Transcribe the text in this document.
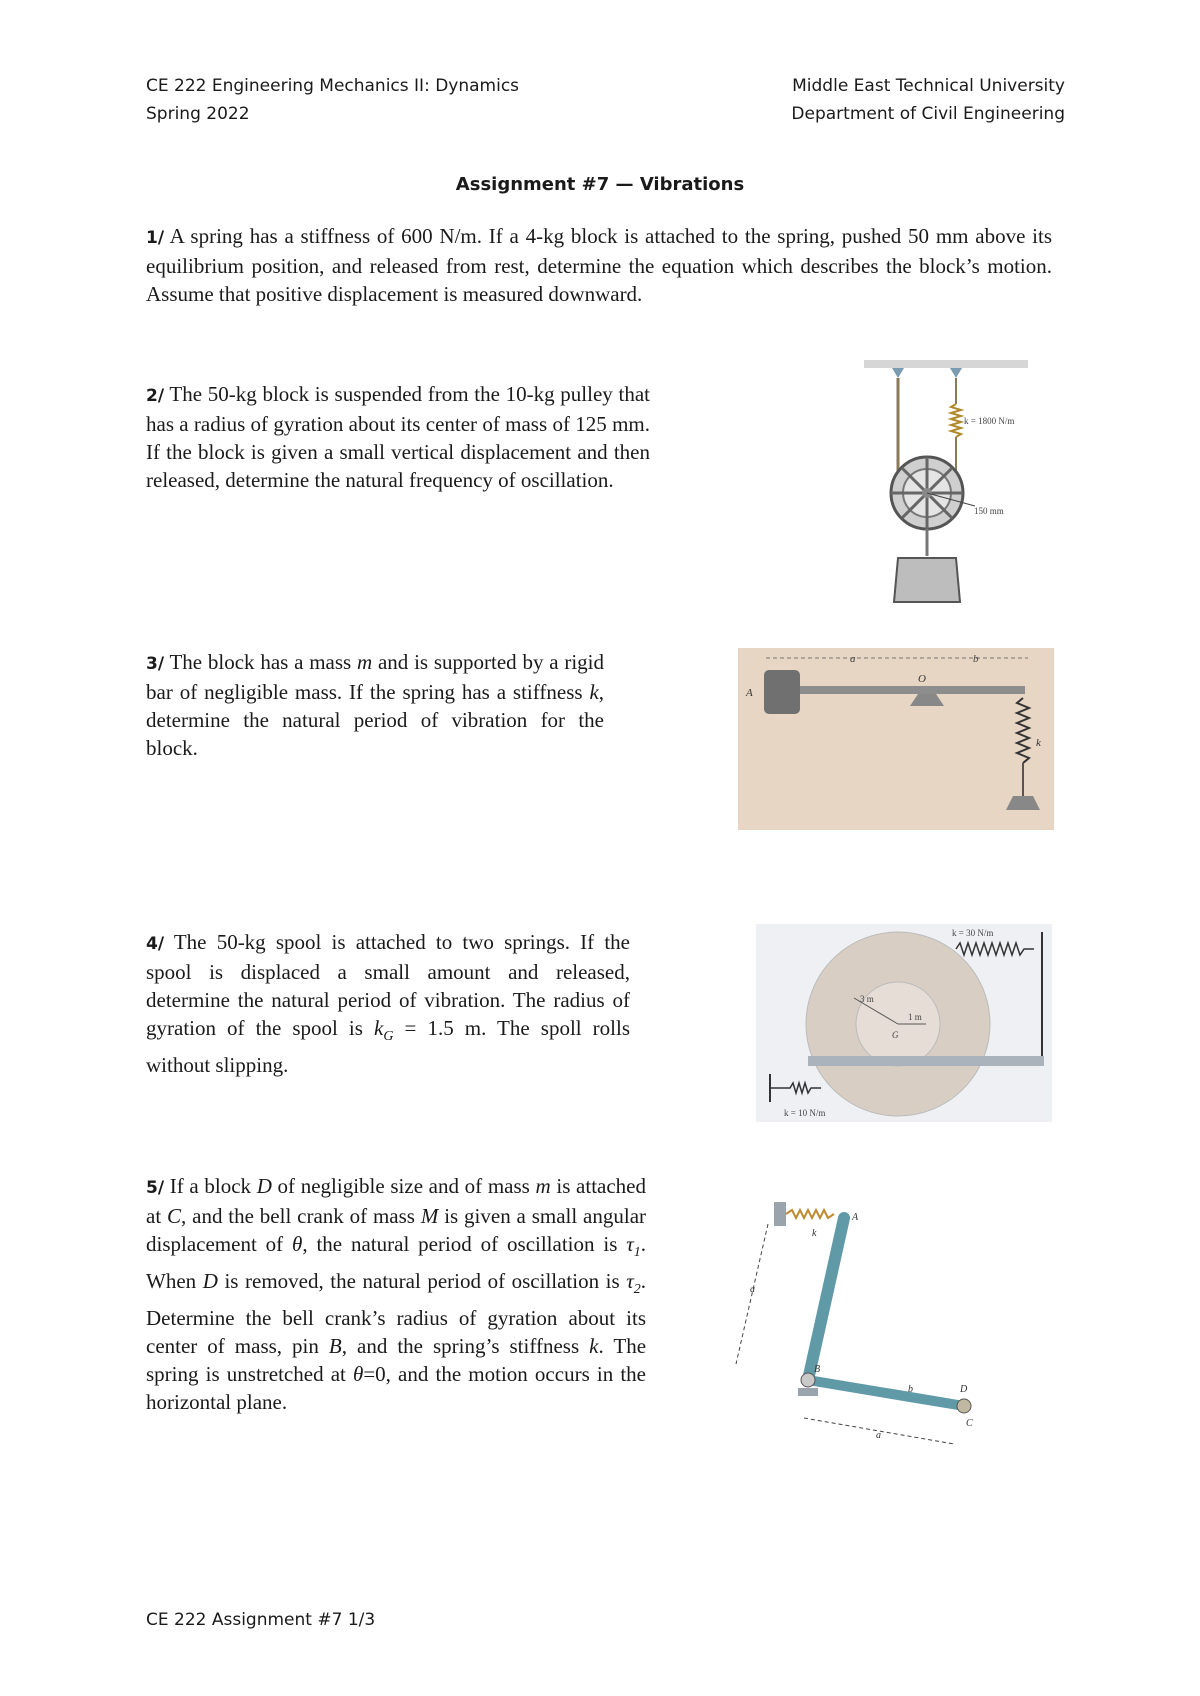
CE 222 Engineering Mechanics II: Dynamics
Spring 2022
Middle East Technical University
Department of Civil Engineering
Assignment #7 — Vibrations

1/ A spring has a stiffness of 600 N/m. If a 4-kg block is attached to the spring, pushed 50 mm above its equilibrium position, and released from rest, determine the equation which describes the block’s motion. Assume that positive displacement is measured downward.

2/ The 50-kg block is suspended from the 10-kg pulley that has a radius of gyration about its center of mass of 125 mm. If the block is given a small vertical displacement and then released, determine the natural frequency of oscillation.

k = 1800 N/m
150 mm

3/ The block has a mass m and is supported by a rigid bar of negligible mass. If the spring has a stiffness k, determine the natural period of vibration for the block.

a	b
A
O
k

4/ The 50-kg spool is attached to two springs. If the spool is displaced a small amount and released, determine the natural period of vibration. The radius of gyration of the spool is $k_G = 1.5$ m. The spoll rolls without slipping.

3 m
1 m
G
k = 30 N/m
k = 10 N/m

5/ If a block D of negligible size and of mass m is attached at C, and the bell crank of mass M is given a small angular displacement of θ, the natural period of oscillation is $\tau_1$. When D is removed, the natural period of oscillation is $\tau_2$. Determine the bell crank’s radius of gyration about its center of mass, pin B, and the spring’s stiffness k. The spring is unstretched at θ=0, and the motion occurs in the horizontal plane.

k
A
B
D
C
b
a
a
CE 222 Assignment #7 1/3
